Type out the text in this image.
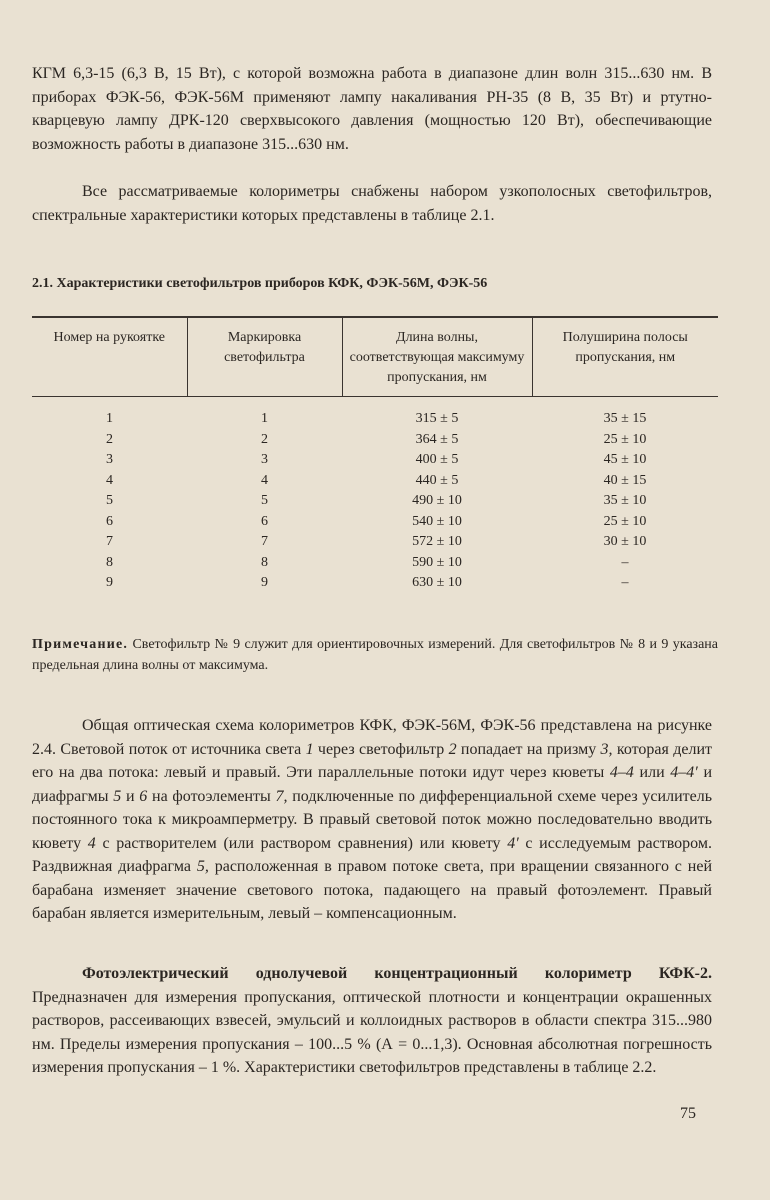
КГМ 6,3-15 (6,3 В, 15 Вт), с которой возможна работа в диапазоне длин волн 315...630 нм. В приборах ФЭК-56, ФЭК-56М применяют лампу накаливания РН-35 (8 В, 35 Вт) и ртутно-кварцевую лампу ДРК-120 сверхвысокого давления (мощностью 120 Вт), обеспечивающие возможность работы в диапазоне 315...630 нм.

Все рассматриваемые колориметры снабжены набором узкополосных светофильтров, спектральные характеристики которых представлены в таблице 2.1.

2.1. Характеристики светофильтров приборов КФК, ФЭК-56М, ФЭК-56

Номер на рукоятке	Маркировка светофильтра	Длина волны, соответствующая максимуму пропускания, нм	Полуширина полосы пропускания, нм
1	1	315 ± 5	35 ± 15
2	2	364 ± 5	25 ± 10
3	3	400 ± 5	45 ± 10
4	4	440 ± 5	40 ± 15
5	5	490 ± 10	35 ± 10
6	6	540 ± 10	25 ± 10
7	7	572 ± 10	30 ± 10
8	8	590 ± 10	–
9	9	630 ± 10	–

Примечание. Светофильтр № 9 служит для ориентировочных измерений. Для светофильтров № 8 и 9 указана предельная длина волны от максимума.

Общая оптическая схема колориметров КФК, ФЭК-56М, ФЭК-56 представлена на рисунке 2.4. Световой поток от источника света 1 через светофильтр 2 попадает на призму 3, которая делит его на два потока: левый и правый. Эти параллельные потоки идут через кюветы 4–4 или 4–4′ и диафрагмы 5 и 6 на фотоэлементы 7, подключенные по дифференциальной схеме через усилитель постоянного тока к микроамперметру. В правый световой поток можно последовательно вводить кювету 4 с растворителем (или раствором сравнения) или кювету 4′ с исследуемым раствором. Раздвижная диафрагма 5, расположенная в правом потоке света, при вращении связанного с ней барабана изменяет значение светового потока, падающего на правый фотоэлемент. Правый барабан является измерительным, левый – компенсационным.

Фотоэлектрический однолучевой концентрационный колориметр КФК-2. Предназначен для измерения пропускания, оптической плотности и концентрации окрашенных растворов, рассеивающих взвесей, эмульсий и коллоидных растворов в области спектра 315...980 нм. Пределы измерения пропускания – 100...5 % (А = 0...1,3). Основная абсолютная погрешность измерения пропускания – 1 %. Характеристики светофильтров представлены в таблице 2.2.

75
